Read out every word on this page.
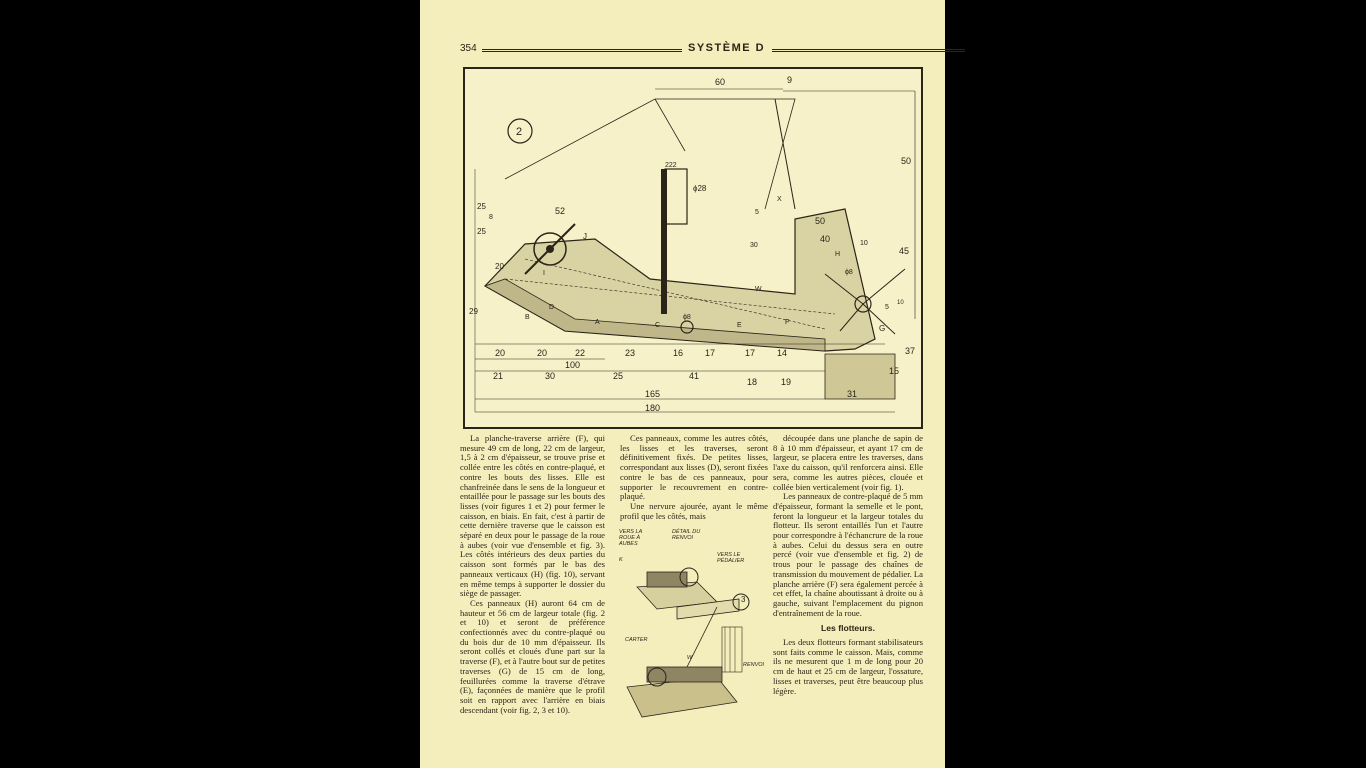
354	SYSTÈME D
2
60	9
50
45
37
15
10
5
25
8
25
20
29
52
50
40	10
30
5
ϕ8
ϕ28
ϕ8
222
20	20	22	23	16 17	17 14
100
21	30	25	41
18	19
165	31
180
J
I
A
B
C
D
E	F
G
H
W
X

La planche-traverse arrière (F), qui mesure 49 cm de long, 22 cm de largeur, 1,5 à 2 cm d'épaisseur, se trouve prise et collée entre les côtés en contre-plaqué, et contre les bouts des lisses. Elle est chanfreinée dans le sens de la longueur et entaillée pour le passage sur les bouts des lisses (voir figures 1 et 2) pour fermer le caisson, en biais. En fait, c'est à partir de cette dernière traverse que le caisson est séparé en deux pour le passage de la roue à aubes (voir vue d'ensemble et fig. 3). Les côtés intérieurs des deux parties du caisson sont formés par le bas des panneaux verticaux (H) (fig. 10), servant en même temps à supporter le dossier du siège de passager.

Ces panneaux (H) auront 64 cm de hauteur et 56 cm de largeur totale (fig. 2 et 10) et seront de préférence confectionnés avec du contre-plaqué ou du bois dur de 10 mm d'épaisseur. Ils seront collés et cloués d'une part sur la traverse (F), et à l'autre bout sur de petites traverses (G) de 15 cm de long, feuillurées comme la traverse d'étrave (E), façonnées de manière que le profil soit en rapport avec l'arrière en biais descendant (voir fig. 2, 3 et 10).

Ces panneaux, comme les autres côtés, les lisses et les traverses, seront définitivement fixés. De petites lisses, correspondant aux lisses (D), seront fixées contre le bas de ces panneaux, pour supporter le recouvrement en contre-plaqué.

Une nervure ajourée, ayant le même profil que les côtés, mais

VERS LA ROUE À AUBES
DÉTAIL DU RENVOI
VERS LE PÉDALIER
CARTER
RENVOI
W
K
3

découpée dans une planche de sapin de 8 à 10 mm d'épaisseur, et ayant 17 cm de largeur, se placera entre les traverses, dans l'axe du caisson, qu'il renforcera ainsi. Elle sera, comme les autres pièces, clouée et collée bien verticalement (voir fig. 1).

Les panneaux de contre-plaqué de 5 mm d'épaisseur, formant la semelle et le pont, feront la longueur et la largeur totales du flotteur. Ils seront entaillés l'un et l'autre pour correspondre à l'échancrure de la roue à aubes. Celui du dessus sera en outre percé (voir vue d'ensemble et fig. 2) de trous pour le passage des chaînes de transmission du mouvement de pédalier. La planche arrière (F) sera également percée à cet effet, la chaîne aboutissant à droite ou à gauche, suivant l'emplacement du pignon d'entraînement de la roue.

Les flotteurs.

Les deux flotteurs formant stabilisateurs sont faits comme le caisson. Mais, comme ils ne mesurent que 1 m de long pour 20 cm de haut et 25 cm de largeur, l'ossature, lisses et traverses, peut être beaucoup plus légère.
